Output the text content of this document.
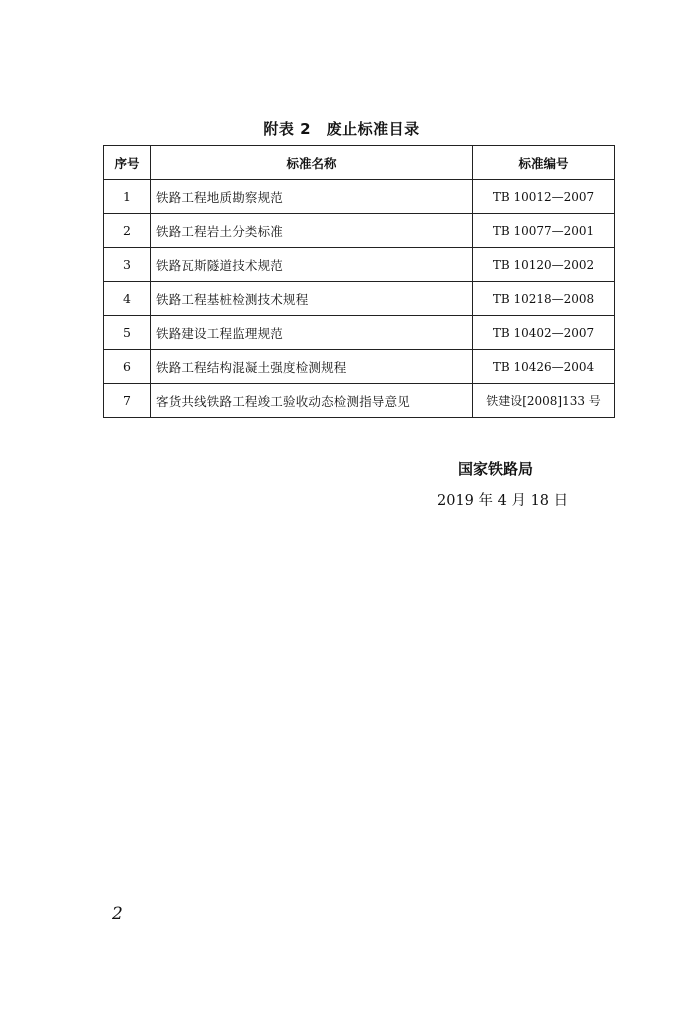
附表 2　废止标准目录
序号	标准名称	标准编号
1	铁路工程地质勘察规范	TB 10012—2007
2	铁路工程岩土分类标准	TB 10077—2001
3	铁路瓦斯隧道技术规范	TB 10120—2002
4	铁路工程基桩检测技术规程	TB 10218—2008
5	铁路建设工程监理规范	TB 10402—2007
6	铁路工程结构混凝土强度检测规程	TB 10426—2004
7	客货共线铁路工程竣工验收动态检测指导意见	铁建设[2008]133 号
国家铁路局
2019 年 4 月 18 日
2
